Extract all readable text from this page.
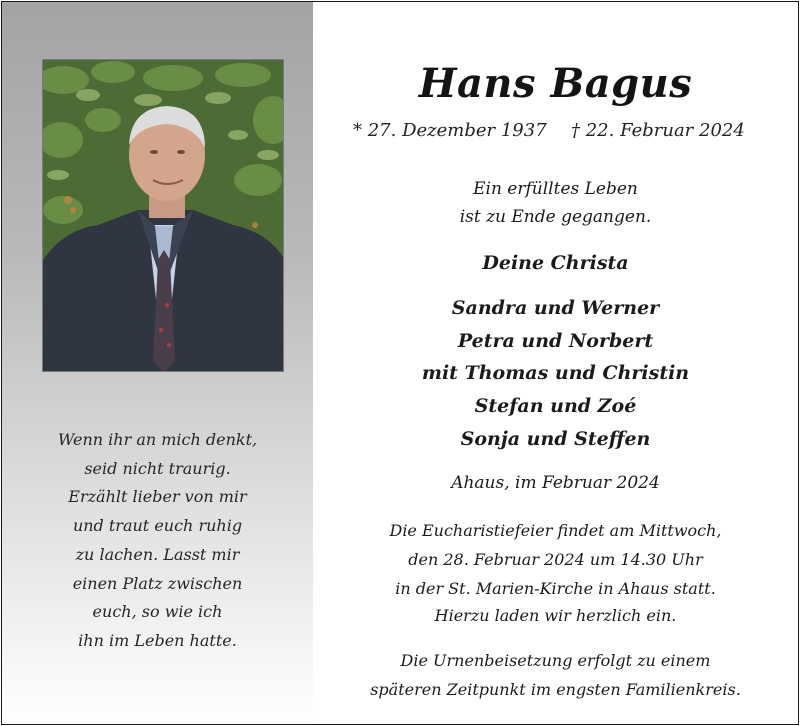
Wenn ihr an mich denkt,
seid nicht traurig.
Erzählt lieber von mir
und traut euch ruhig
zu lachen. Lasst mir
einen Platz zwischen
euch, so wie ich
ihn im Leben hatte.
Hans Bagus
* 27. Dezember 1937 † 22. Februar 2024
Ein erfülltes Leben
ist zu Ende gegangen.
Deine Christa
Sandra und Werner
Petra und Norbert
mit Thomas und Christin
Stefan und Zoé
Sonja und Steffen
Ahaus, im Februar 2024
Die Eucharistiefeier findet am Mittwoch,
den 28. Februar 2024 um 14.30 Uhr
in der St. Marien-Kirche in Ahaus statt.
Hierzu laden wir herzlich ein.
Die Urnenbeisetzung erfolgt zu einem
späteren Zeitpunkt im engsten Familienkreis.
